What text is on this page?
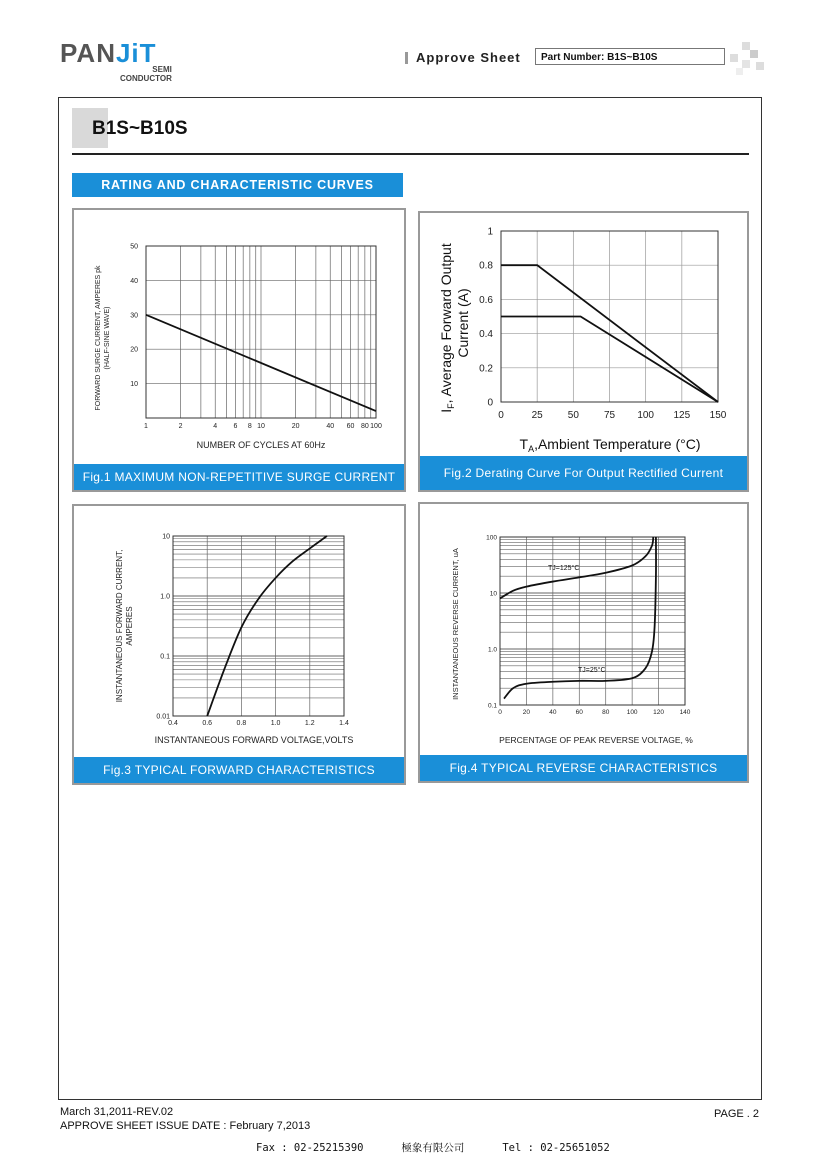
PANJiT
SEMI
CONDUCTOR
Approve Sheet	Part Number: B1S~B10S
B1S~B10S
RATING AND CHARACTERISTIC CURVES
1	2	4 6 8 10	20	40 60 80 100
10
20
30
40
50
NUMBER OF CYCLES AT 60Hz
FORWARD SURGE CURRENT, AMPERES pk (HALF-SINE WAVE)
Fig.1 MAXIMUM NON-REPETITIVE SURGE CURRENT
0	25	50	75 100 125 150
0
0.2
0.4
0.6
0.8
1
$T_A,Ambient$ Temperature (°C)
$I_F$, Average Forward Output Current (A)
Fig.2 Derating Curve For Output Rectified Current
0.4	0.6	0.8	1.0	1.2	1.4
0.01
0.1
1.0
10
INSTANTANEOUS FORWARD VOLTAGE,VOLTS
INSTANTANEOUS FORWARD CURRENT, AMPERES
Fig.3 TYPICAL FORWARD CHARACTERISTICS
0	20	40	60	80	100 120 140
0.1
1.0
10
100
TJ=125°C
TJ=25°C
PERCENTAGE OF PEAK REVERSE VOLTAGE, %
INSTANTANEOUS REVERSE CURRENT, uA
Fig.4 TYPICAL REVERSE CHARACTERISTICS
March 31,2011-REV.02
APPROVE SHEET ISSUE DATE : February 7,2013
PAGE . 2
Fax : 02-25215390      極象有限公司      Tel : 02-25651052
